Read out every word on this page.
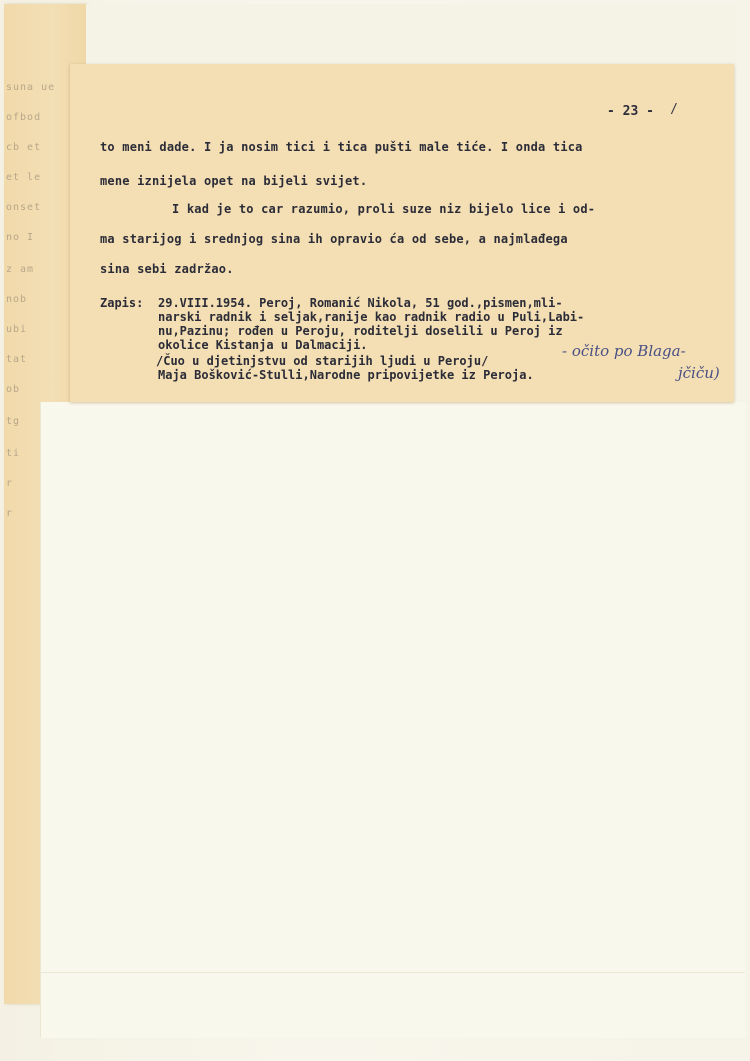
suna ue
ofbod
cb et
et le
onset
no I
z am
nob
ubi
tat
ob
tg
ti
r
r
- 23 - /
to meni dade. I ja nosim tici i tica pušti male tiće. I onda tica
mene iznijela opet na bijeli svijet.
I kad je to car razumio, proli suze niz bijelo lice i od-
ma starijog i srednjog sina ih opravio ća od sebe, a najmlađega
sina sebi zadržao.
Zapis: 29.VIII.1954. Peroj, Romanić Nikola, 51 god.,pismen,mli-
narski radnik i seljak,ranije kao radnik radio u Puli,Labi-
nu,Pazinu; rođen u Peroju, roditelji doselili u Peroj iz
okolice Kistanja u Dalmaciji.
/Čuo u djetinjstvu od starijih ljudi u Peroju/
Maja Bošković-Stulli,Narodne pripovijetke iz Peroja.
- očito po Blaga-
jčiču)
